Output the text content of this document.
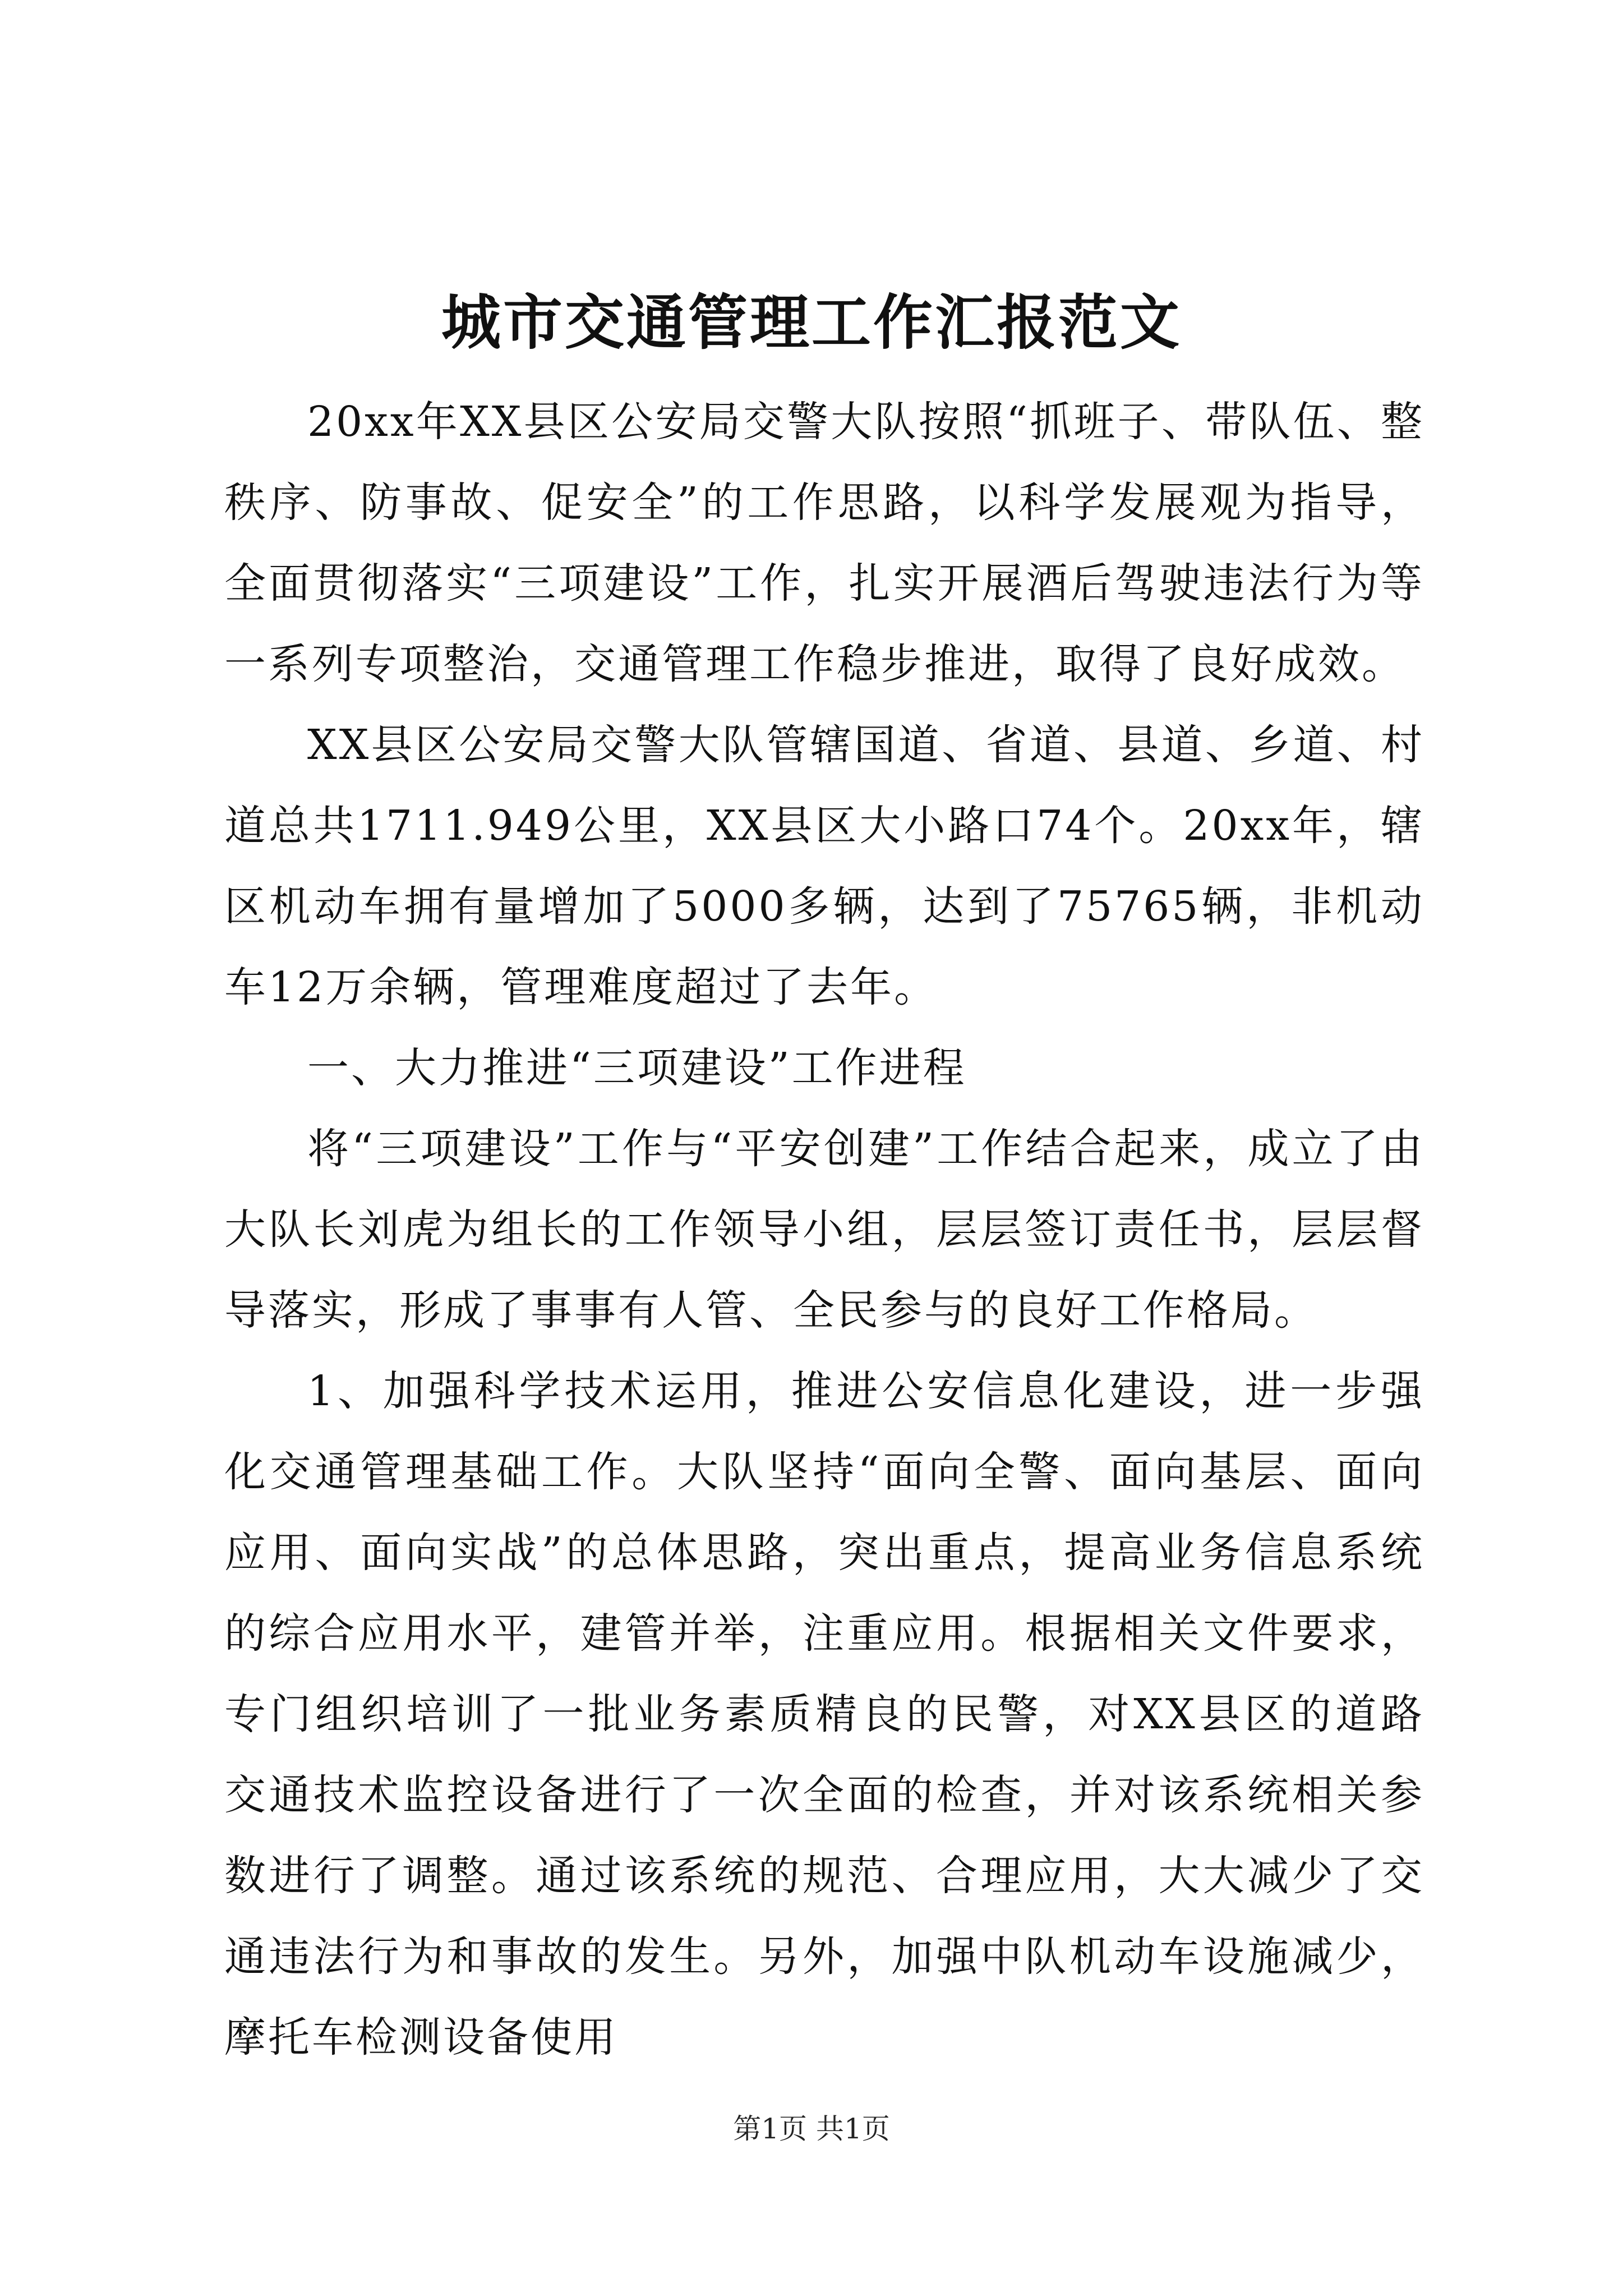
城市交通管理工作汇报范文

20xx年XX县区公安局交警大队按照“抓班子、带队伍、整秩序、防事故、促安全”的工作思路，以科学发展观为指导，全面贯彻落实“三项建设”工作，扎实开展酒后驾驶违法行为等一系列专项整治，交通管理工作稳步推进，取得了良好成效。

XX县区公安局交警大队管辖国道、省道、县道、乡道、村道总共1711.949公里，XX县区大小路口74个。20xx年，辖区机动车拥有量增加了5000多辆，达到了75765辆，非机动车12万余辆，管理难度超过了去年。

一、大力推进“三项建设”工作进程

将“三项建设”工作与“平安创建”工作结合起来，成立了由大队长刘虎为组长的工作领导小组，层层签订责任书，层层督导落实，形成了事事有人管、全民参与的良好工作格局。

1、加强科学技术运用，推进公安信息化建设，进一步强化交通管理基础工作。大队坚持“面向全警、面向基层、面向应用、面向实战”的总体思路，突出重点，提高业务信息系统的综合应用水平，建管并举，注重应用。根据相关文件要求，专门组织培训了一批业务素质精良的民警，对XX县区的道路交通技术监控设备进行了一次全面的检查，并对该系统相关参数进行了调整。通过该系统的规范、合理应用，大大减少了交通违法行为和事故的发生。另外，加强中队机动车设施减少，摩托车检测设备使用

第1页 共1页
